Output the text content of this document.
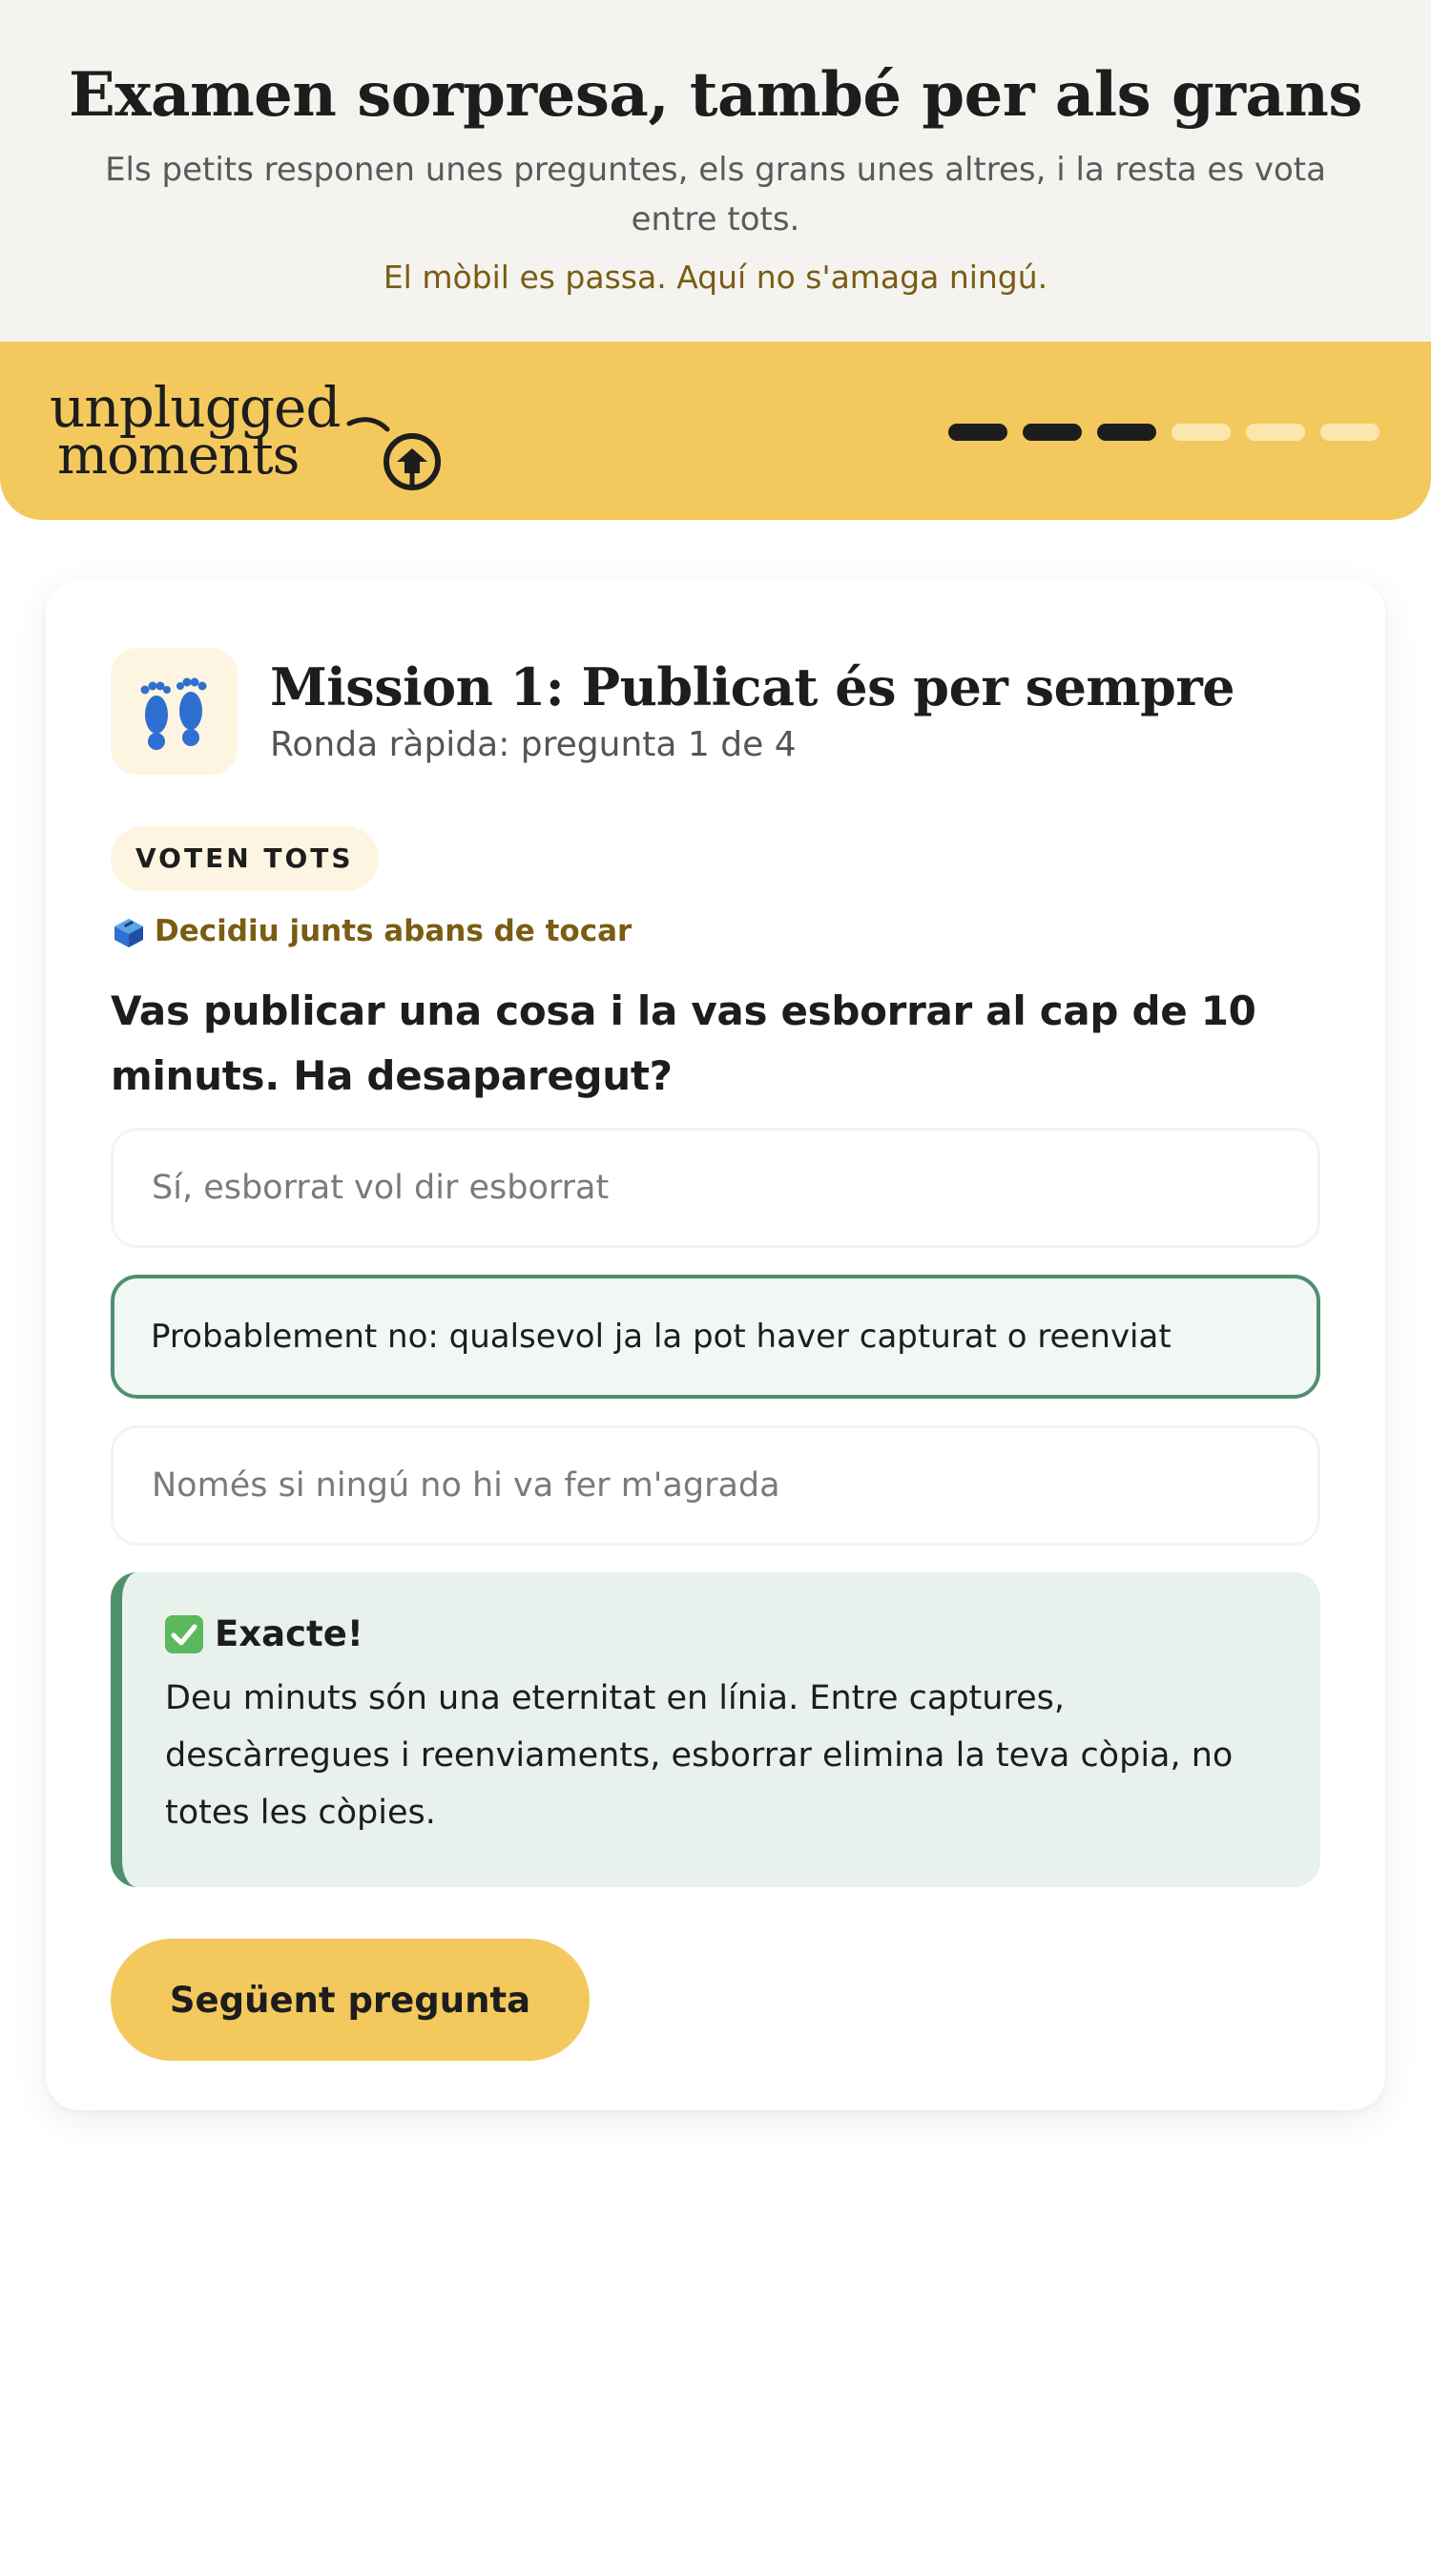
Examen sorpresa, també per als grans
Els petits responen unes preguntes, els grans unes altres, i la resta es vota entre tots.
El mòbil es passa. Aquí no s'amaga ningú.
unplugged
moments
Mission 1: Publicat és per sempre
Ronda ràpida: pregunta 1 de 4
VOTEN TOTS
Decidiu junts abans de tocar
Vas publicar una cosa i la vas esborrar al cap de 10 minuts. Ha desaparegut?
Sí, esborrat vol dir esborrat
Probablement no: qualsevol ja la pot haver capturat o reenviat
Només si ningú no hi va fer m'agrada
Exacte!
Deu minuts són una eternitat en línia. Entre captures, descàrregues i reenviaments, esborrar elimina la teva còpia, no totes les còpies.
Següent pregunta
